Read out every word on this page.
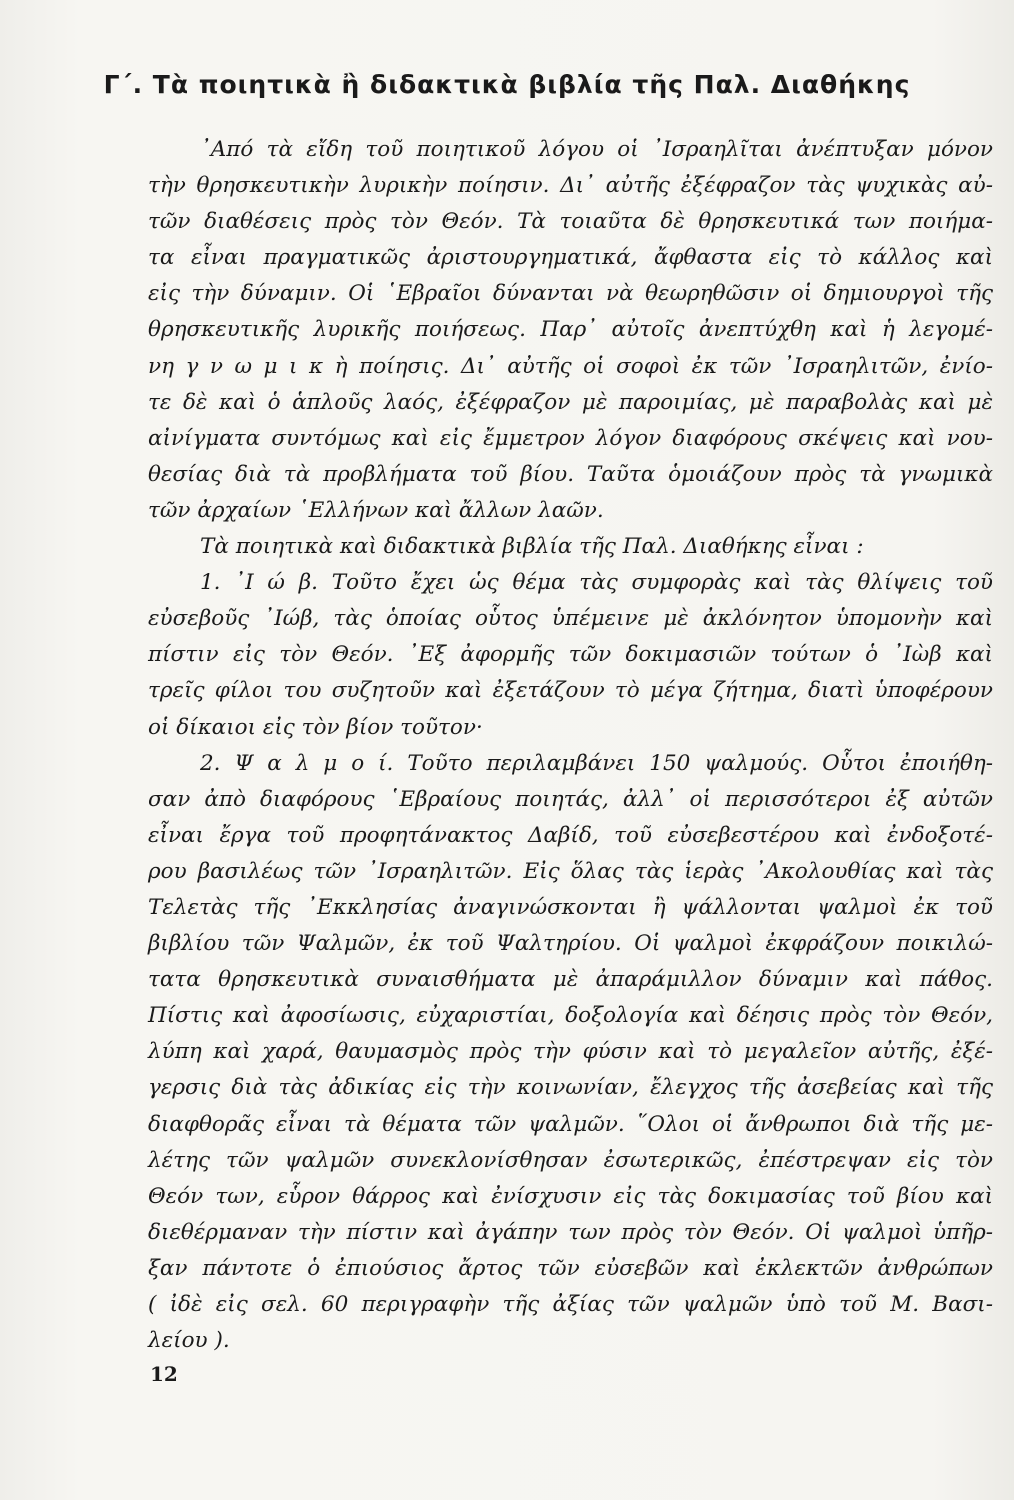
Γ΄. Τὰ ποιητικὰ ἢ διδακτικὰ βιβλία τῆς Παλ. Διαθήκης
᾿Από τὰ εἴδη τοῦ ποιητικοῦ λόγου οἱ ᾿Ισραηλῖται ἀνέπτυξαν μόνον
τὴν θρησκευτικὴν λυρικὴν ποίησιν. Δι᾿ αὐτῆς ἐξέφραζον τὰς ψυχικὰς αὐ-
τῶν διαθέσεις πρὸς τὸν Θεόν. Τὰ τοιαῦτα δὲ θρησκευτικά των ποιήμα-
τα εἶναι πραγματικῶς ἀριστουργηματικά, ἄφθαστα εἰς τὸ κάλλος καὶ
εἰς τὴν δύναμιν. Οἱ ῾Εβραῖοι δύνανται νὰ θεωρηθῶσιν οἱ δημιουργοὶ τῆς
θρησκευτικῆς λυρικῆς ποιήσεως. Παρ᾿ αὐτοῖς ἀνεπτύχθη καὶ ἡ λεγομέ-
νη γ ν ω μ ι κ ὴ ποίησις. Δι᾿ αὐτῆς οἱ σοφοὶ ἐκ τῶν ᾿Ισραηλιτῶν, ἐνίο-
τε δὲ καὶ ὁ ἁπλοῦς λαός, ἐξέφραζον μὲ παροιμίας, μὲ παραβολὰς καὶ μὲ
αἰνίγματα συντόμως καὶ εἰς ἔμμετρον λόγον διαφόρους σκέψεις καὶ νου-
θεσίας διὰ τὰ προβλήματα τοῦ βίου. Ταῦτα ὁμοιάζουν πρὸς τὰ γνωμικὰ
τῶν ἀρχαίων ῾Ελλήνων καὶ ἄλλων λαῶν.
Τὰ ποιητικὰ καὶ διδακτικὰ βιβλία τῆς Παλ. Διαθήκης εἶναι :
1. ᾿Ι ώ β. Τοῦτο ἔχει ὡς θέμα τὰς συμφορὰς καὶ τὰς θλίψεις τοῦ
εὐσεβοῦς ᾿Ιώβ, τὰς ὁποίας οὗτος ὑπέμεινε μὲ ἀκλόνητον ὑπομονὴν καὶ
πίστιν εἰς τὸν Θεόν. ᾿Εξ ἀφορμῆς τῶν δοκιμασιῶν τούτων ὁ ᾿Ιὼβ καὶ
τρεῖς φίλοι του συζητοῦν καὶ ἐξετάζουν τὸ μέγα ζήτημα, διατὶ ὑποφέρουν
οἱ δίκαιοι εἰς τὸν βίον τοῦτον·
2. Ψ α λ μ ο ί. Τοῦτο περιλαμβάνει 150 ψαλμούς. Οὗτοι ἐποιήθη-
σαν ἀπὸ διαφόρους ῾Εβραίους ποιητάς, ἀλλ᾿ οἱ περισσότεροι ἐξ αὐτῶν
εἶναι ἔργα τοῦ προφητάνακτος Δαβίδ, τοῦ εὐσεβεστέρου καὶ ἐνδοξοτέ-
ρου βασιλέως τῶν ᾿Ισραηλιτῶν. Εἰς ὅλας τὰς ἱερὰς ᾿Ακολουθίας καὶ τὰς
Τελετὰς τῆς ᾿Εκκλησίας ἀναγινώσκονται ἢ ψάλλονται ψαλμοὶ ἐκ τοῦ
βιβλίου τῶν Ψαλμῶν, ἐκ τοῦ Ψαλτηρίου. Οἱ ψαλμοὶ ἐκφράζουν ποικιλώ-
τατα θρησκευτικὰ συναισθήματα μὲ ἀπαράμιλλον δύναμιν καὶ πάθος.
Πίστις καὶ ἀφοσίωσις, εὐχαριστίαι, δοξολογία καὶ δέησις πρὸς τὸν Θεόν,
λύπη καὶ χαρά, θαυμασμὸς πρὸς τὴν φύσιν καὶ τὸ μεγαλεῖον αὐτῆς, ἐξέ-
γερσις διὰ τὰς ἀδικίας εἰς τὴν κοινωνίαν, ἔλεγχος τῆς ἀσεβείας καὶ τῆς
διαφθορᾶς εἶναι τὰ θέματα τῶν ψαλμῶν. ῞Ολοι οἱ ἄνθρωποι διὰ τῆς με-
λέτης τῶν ψαλμῶν συνεκλονίσθησαν ἐσωτερικῶς, ἐπέστρεψαν εἰς τὸν
Θεόν των, εὗρον θάρρος καὶ ἐνίσχυσιν εἰς τὰς δοκιμασίας τοῦ βίου καὶ
διεθέρμαναν τὴν πίστιν καὶ ἀγάπην των πρὸς τὸν Θεόν. Οἱ ψαλμοὶ ὑπῆρ-
ξαν πάντοτε ὁ ἐπιούσιος ἄρτος τῶν εὐσεβῶν καὶ ἐκλεκτῶν ἀνθρώπων
( ἰδὲ εἰς σελ. 60 περιγραφὴν τῆς ἀξίας τῶν ψαλμῶν ὑπὸ τοῦ Μ. Βασι-
λείου ).
12
